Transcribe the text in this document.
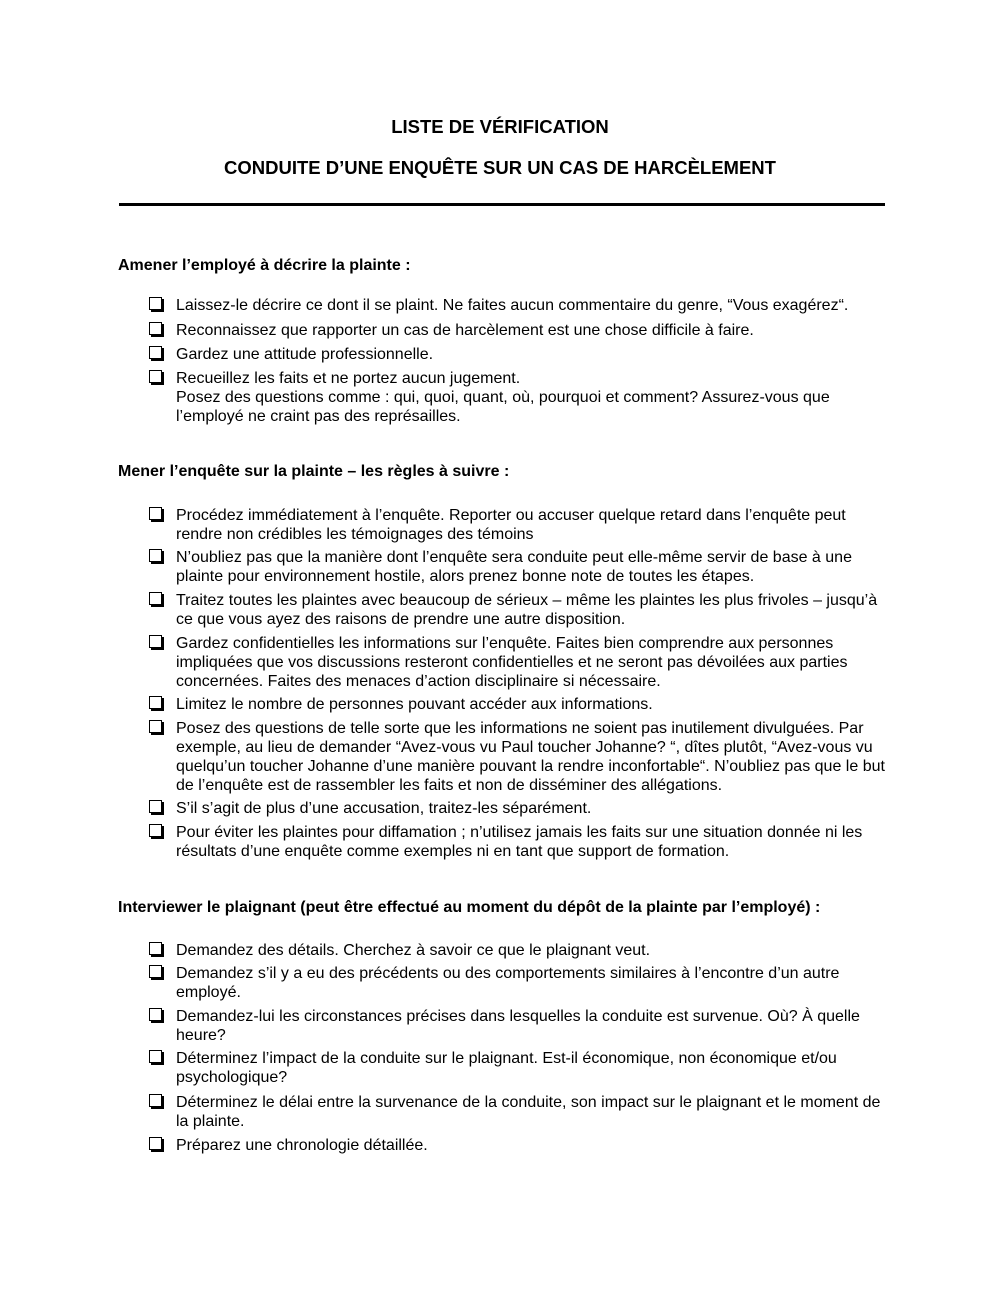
LISTE DE VÉRIFICATION
CONDUITE D’UNE ENQUÊTE SUR UN CAS DE HARCÈLEMENT
Amener l’employé à décrire la plainte :
Laissez-le décrire ce dont il se plaint. Ne faites aucun commentaire du genre, “Vous exagérez“.
Reconnaissez que rapporter un cas de harcèlement est une chose difficile à faire.
Gardez une attitude professionnelle.
Recueillez les faits et ne portez aucun jugement.
Posez des questions comme : qui, quoi, quant, où, pourquoi et comment? Assurez-vous que l’employé ne craint pas des représailles.
Mener l’enquête sur la plainte – les règles à suivre :
Procédez immédiatement à l’enquête. Reporter ou accuser quelque retard dans l’enquête peut rendre non crédibles les témoignages des témoins
N’oubliez pas que la manière dont l’enquête sera conduite peut elle-même servir de base à une plainte pour environnement hostile, alors prenez bonne note de toutes les étapes.
Traitez toutes les plaintes avec beaucoup de sérieux – même les plaintes les plus frivoles – jusqu’à ce que vous ayez des raisons de prendre une autre disposition.
Gardez confidentielles les informations sur l’enquête. Faites bien comprendre aux personnes impliquées que vos discussions resteront confidentielles et ne seront pas dévoilées aux parties concernées. Faites des menaces d’action disciplinaire si nécessaire.
Limitez le nombre de personnes pouvant accéder aux informations.
Posez des questions de telle sorte que les informations ne soient pas inutilement divulguées. Par exemple, au lieu de demander “Avez-vous vu Paul toucher Johanne? “, dîtes plutôt, “Avez-vous vu quelqu’un toucher Johanne d’une manière pouvant la rendre inconfortable“. N’oubliez pas que le but de l’enquête est de rassembler les faits et non de disséminer des allégations.
S’il s’agit de plus d’une accusation, traitez-les séparément.
Pour éviter les plaintes pour diffamation ; n’utilisez jamais les faits sur une situation donnée ni les résultats d’une enquête comme exemples ni en tant que support de formation.
Interviewer le plaignant (peut être effectué au moment du dépôt de la plainte par l’employé) :
Demandez des détails. Cherchez à savoir ce que le plaignant veut.
Demandez s’il y a eu des précédents ou des comportements similaires à l’encontre d’un autre employé.
Demandez-lui les circonstances précises dans lesquelles la conduite est survenue. Où? À quelle heure?
Déterminez l’impact de la conduite sur le plaignant. Est-il économique, non économique et/ou psychologique?
Déterminez le délai entre la survenance de la conduite, son impact sur le plaignant et le moment de la plainte.
Préparez une chronologie détaillée.
